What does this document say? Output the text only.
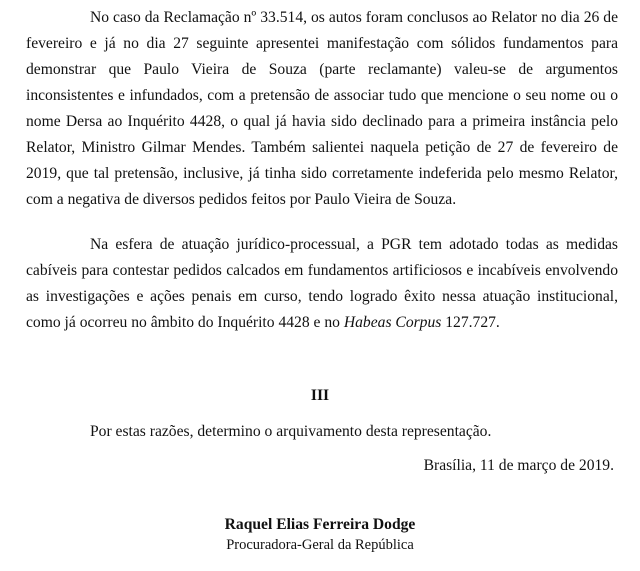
No caso da Reclamação nº 33.514, os autos foram conclusos ao Relator no dia 26 de fevereiro e já no dia 27 seguinte apresentei manifestação com sólidos fundamentos para demonstrar que Paulo Vieira de Souza (parte reclamante) valeu-se de argumentos inconsistentes e infundados, com a pretensão de associar tudo que mencione o seu nome ou o nome Dersa ao Inquérito 4428, o qual já havia sido declinado para a primeira instância pelo Relator, Ministro Gilmar Mendes. Também salientei naquela petição de 27 de fevereiro de 2019, que tal pretensão, inclusive, já tinha sido corretamente indeferida pelo mesmo Relator, com a negativa de diversos pedidos feitos por Paulo Vieira de Souza.

Na esfera de atuação jurídico-processual, a PGR tem adotado todas as medidas cabíveis para contestar pedidos calcados em fundamentos artificiosos e incabíveis envolvendo as investigações e ações penais em curso, tendo logrado êxito nessa atuação institucional, como já ocorreu no âmbito do Inquérito 4428 e no Habeas Corpus 127.727.

III

Por estas razões, determino o arquivamento desta representação.

Brasília, 11 de março de 2019.
Raquel Elias Ferreira Dodge
Procuradora-Geral da República
